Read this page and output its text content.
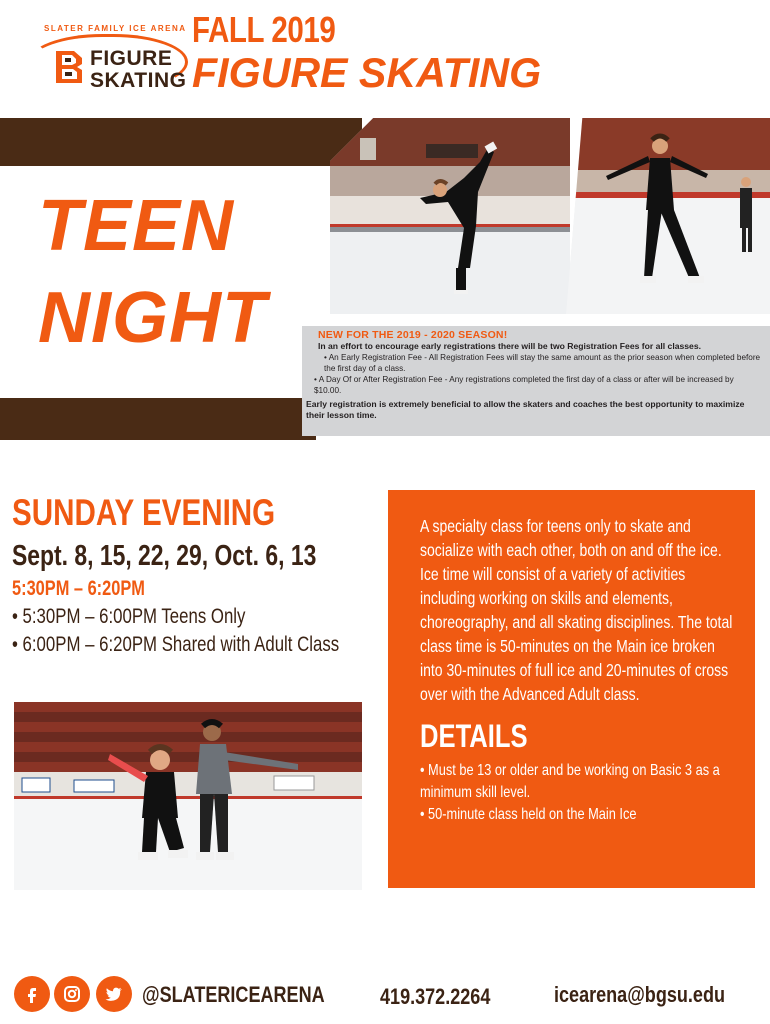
SLATER FAMILY ICE ARENA
FIGURE
SKATING
FALL 2019
FIGURE SKATING
TEEN
NIGHT	NEW FOR THE 2019 - 2020 SEASON!
In an effort to encourage early registrations there will be two Registration Fees for all classes.
• An Early Registration Fee - All Registration Fees will stay the same amount as the prior season when completed before the first day of a class.
• A Day Of or After Registration Fee - Any registrations completed the first day of a class or after will be increased by $10.00.
Early registration is extremely beneficial to allow the skaters and coaches the best opportunity to maximize their lesson time.
SUNDAY EVENING
Sept. 8, 15, 22, 29, Oct. 6, 13
5:30PM – 6:20PM
• 5:30PM – 6:00PM Teens Only
• 6:00PM – 6:20PM Shared with Adult Class
A specialty class for teens only to skate and socialize with each other, both on and off the ice. Ice time will consist of a variety of activities including working on skills and elements, choreography, and all skating disciplines. The total class time is 50-minutes on the Main ice broken into 30-minutes of full ice and 20-minutes of cross over with the Advanced Adult class.
DETAILS
• Must be 13 or older and be working on Basic 3 as a minimum skill level.
• 50-minute class held on the Main Ice
@SLATERICEARENA	419.372.2264	icearena@bgsu.edu
